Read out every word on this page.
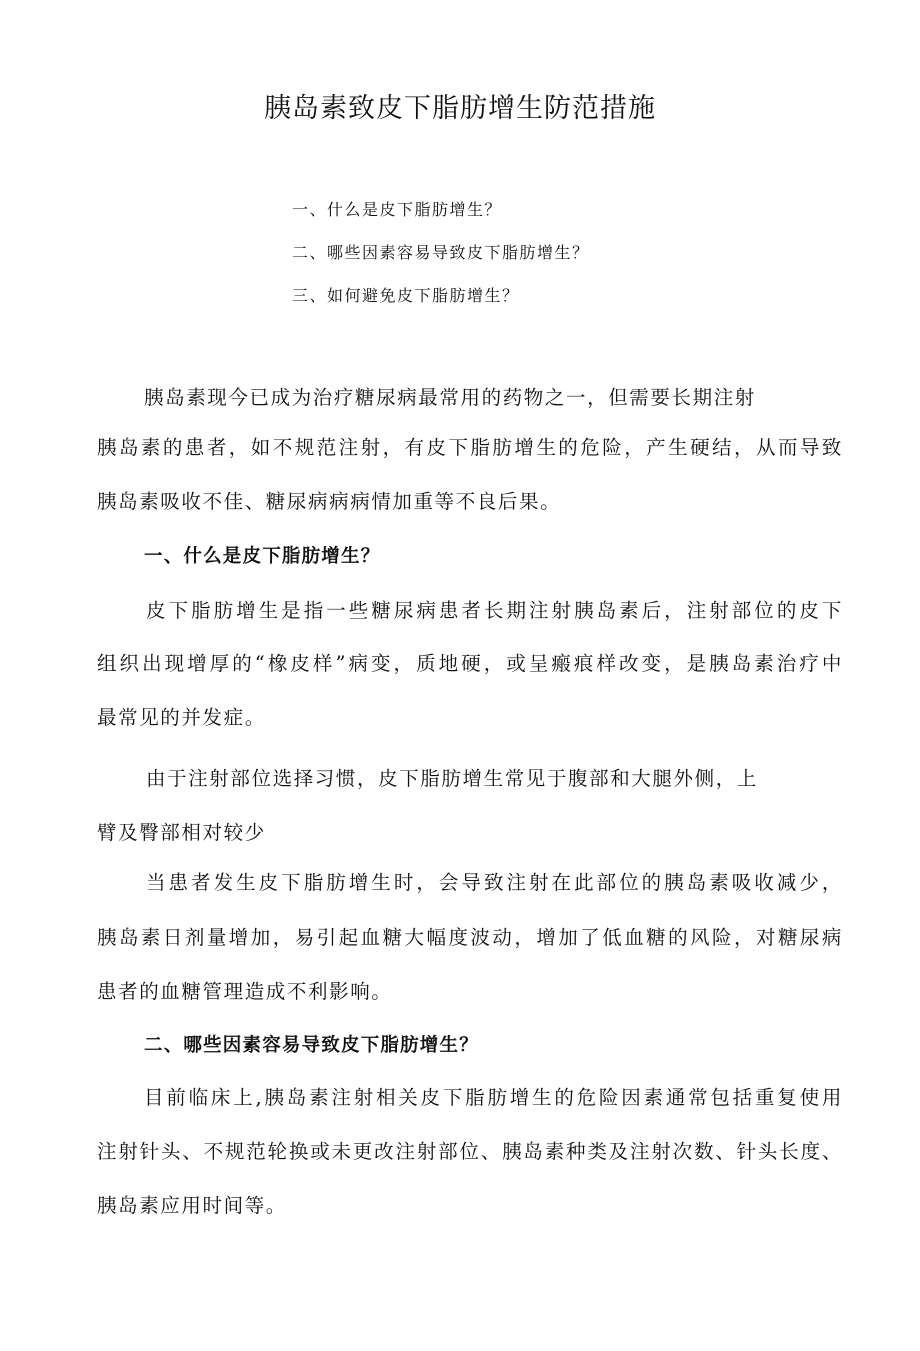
胰岛素致皮下脂肪增生防范措施
一、什么是皮下脂肪增生？
二、哪些因素容易导致皮下脂肪增生？
三、如何避免皮下脂肪增生？
胰岛素现今已成为治疗糖尿病最常用的药物之一，但需要长期注射
胰岛素的患者，如不规范注射，有皮下脂肪增生的危险，产生硬结，从而导致
胰岛素吸收不佳、糖尿病病病情加重等不良后果。
一、什么是皮下脂肪增生？
皮下脂肪增生是指一些糖尿病患者长期注射胰岛素后，注射部位的皮下
组织出现增厚的“橡皮样”病变，质地硬，或呈瘢痕样改变，是胰岛素治疗中
最常见的并发症。
由于注射部位选择习惯，皮下脂肪增生常见于腹部和大腿外侧，上
臂及臀部相对较少
当患者发生皮下脂肪增生时，会导致注射在此部位的胰岛素吸收减少，
胰岛素日剂量增加，易引起血糖大幅度波动，增加了低血糖的风险，对糖尿病
患者的血糖管理造成不利影响。
二、哪些因素容易导致皮下脂肪增生？
目前临床上,胰岛素注射相关皮下脂肪增生的危险因素通常包括重复使用
注射针头、不规范轮换或未更改注射部位、胰岛素种类及注射次数、针头长度、
胰岛素应用时间等。
